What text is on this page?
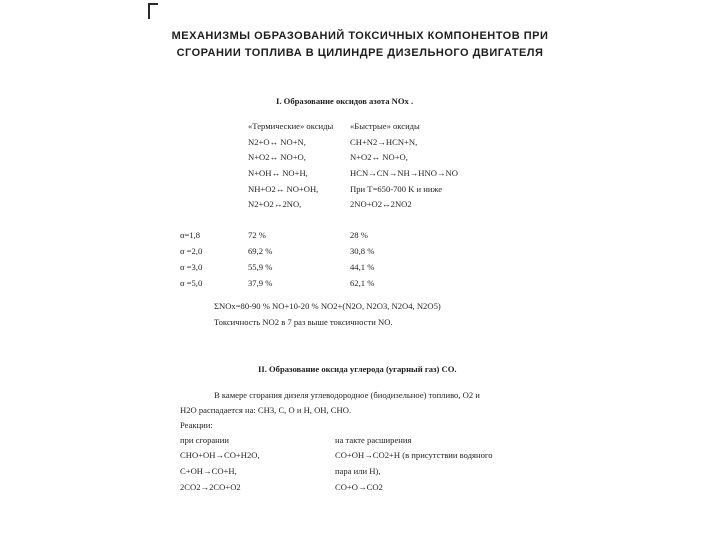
МЕХАНИЗМЫ ОБРАЗОВАНИЙ ТОКСИЧНЫХ КОМПОНЕНТОВ ПРИ
СГОРАНИИ ТОПЛИВА В ЦИЛИНДРЕ ДИЗЕЛЬНОГО ДВИГАТЕЛЯ
I. Образование оксидов азота NOx .
«Термические» оксиды «Быстрые» оксиды
N2+O↔ NO+N,
N+O2↔ NO+O,
N+OH↔ NO+H,
NH+O2↔ NO+OH,
N2+O2↔2NO,
CH+N2→HCN+N,
N+O2↔ NO+O,
HCN→CN→NH→HNO→NO
При T=650-700 K и ниже
2NO+O2↔2NO2
α=1,8
α =2,0
α =3,0
α =5,0
72 %
69,2 %
55,9 %
37,9 %
28 %
30,8 %
44,1 %
62,1 %
ΣNOx=80-90 % NO+10-20 % NO2+(N2O, N2O3, N2O4, N2O5)
Токсичность NO2 в 7 раз выше токсичности NO.
II. Образование оксида углерода (угарный газ) CO.
В камере сгорания дизеля углеводородное (биодизельное) топливо, O2 и
H2O распадается на: CH3, C, O и H, OH, CHO.
Реакции:
при сгорании	на такте расширения
CHO+OH→CO+H2O,
C+OH→CO+H,
2CO2→2CO+O2
CO+OH→CO2+H (в присутствии водяного
пара или H),
CO+O→CO2
